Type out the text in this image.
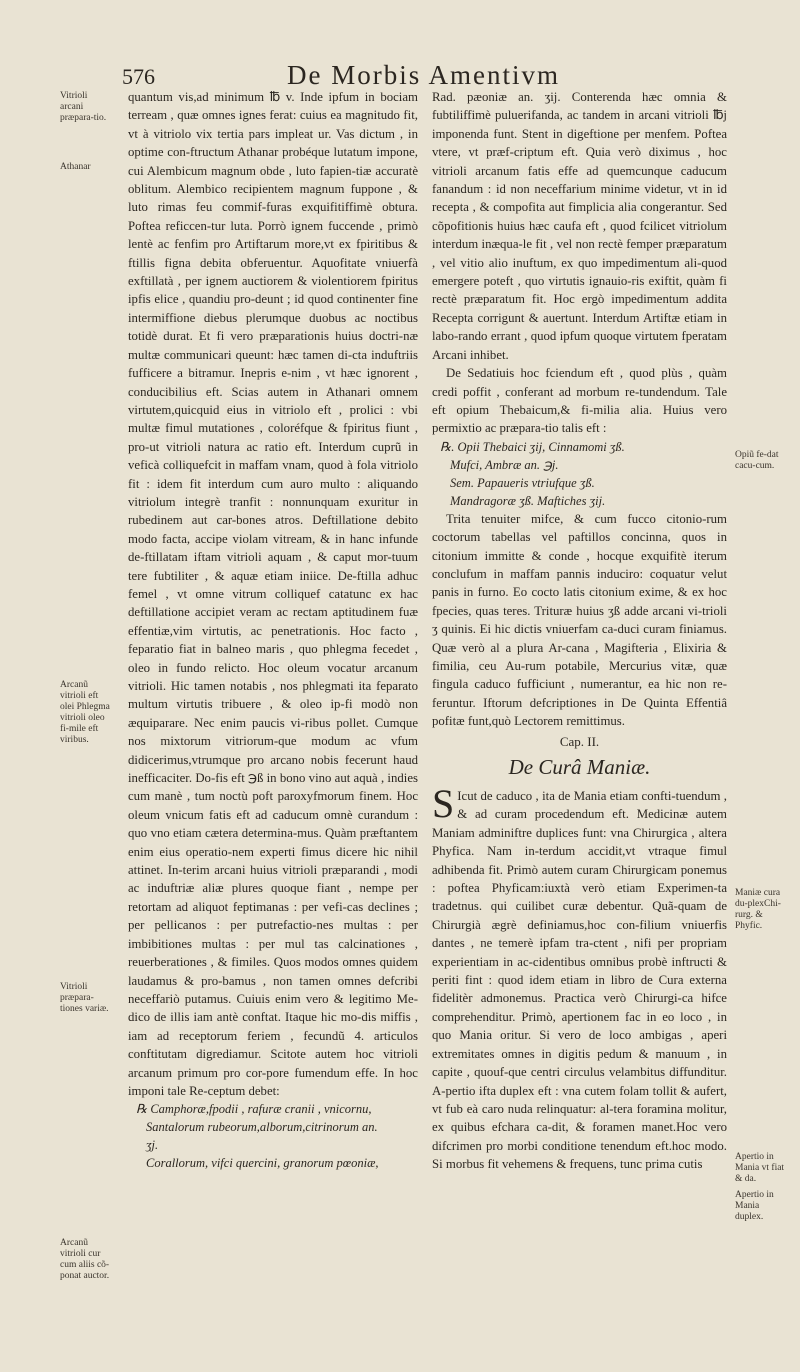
576	De Morbis Amentivm
Vitrioli arcani præpara-tio.
Athanar
Arcanũ vitrioli eft olei Phlegma vitrioli oleo fi-mile eft viribus.
Vitrioli præpara-tiones variæ.
Arcanũ vitrioli cur cum aliis cõ-ponat auctor.
Opiũ fe-dat cacu-cum.
Maniæ cura du-plexChi-rurg. & Phyfic.
Apertio in Mania vt fiat & da.
Apertio in Mania duplex.

quantum vis,ad minimum ℔ v. Inde ipfum in bociam terream , quæ omnes ignes ferat: cuius ea magnitudo fit, vt à vitriolo vix tertia pars impleat ur. Vas dictum , in optime con-ftructum Athanar probéque lutatum impone, cui Alembicum magnum obde , luto fapien-tiæ accuratè oblitum. Alembico recipientem magnum fuppone , & luto rimas feu commif-furas exquifitiffimè obtura. Poftea reficcen-tur luta. Porrò ignem fuccende , primò lentè ac fenfim pro Artiftarum more,vt ex fpiritibus & ftillis figna debita obferuentur. Aquofitate vniuerfà exftillatà , per ignem auctiorem & violentiorem fpiritus ipfis elice , quandiu pro-deunt ; id quod continenter fine intermiffione diebus plerumque duobus ac noctibus totidè durat. Et fi vero præparationis huius doctri-næ multæ communicari queunt: hæc tamen di-cta induftriis fufficere a bitramur. Inepris e-nim , vt hæc ignorent , conducibilius eft. Scias autem in Athanari omnem virtutem,quicquid eius in vitriolo eft , prolici : vbi multæ fimul mutationes , coloréfque & fpiritus fiunt , pro-ut vitrioli natura ac ratio eft. Interdum cuprũ in veficà colliquefcit in maffam vnam, quod à fola vitriolo fit : idem fit interdum cum auro multo : aliquando vitriolum integrè tranfit : nonnunquam exuritur in rubedinem aut car-bones atros. Deftillatione debito modo facta, accipe violam vitream, & in hanc infunde de-ftillatam iftam vitrioli aquam , & caput mor-tuum tere fubtiliter , & aquæ etiam iniice. De-ftilla adhuc femel , vt omne vitrum colliquef catatunc ex hac deftillatione accipiet veram ac rectam aptitudinem fuæ effentiæ,vim virtutis, ac penetrationis. Hoc facto , feparatio fiat in balneo maris , quo phlegma fecedet , oleo in fundo relicto. Hoc oleum vocatur arcanum vitrioli. Hic tamen notabis , nos phlegmati ita feparato multum virtutis tribuere , & oleo ip-fi modò non æquiparare. Nec enim paucis vi-ribus pollet. Cumque nos mixtorum vitriorum-que modum ac vfum didicerimus,vtrumque pro arcano nobis fecerunt haud inefficaciter. Do-fis eft ℈ß in bono vino aut aquà , indies cum manè , tum noctù poft paroxyfmorum finem. Hoc oleum vnicum fatis eft ad caducum omnè curandum : quo vno etiam cætera determina-mus. Quàm præftantem enim eius operatio-nem experti fimus dicere hic nihil attinet. In-terim arcani huius vitrioli præparandi , modi ac induftriæ aliæ plures quoque fiant , nempe per retortam ad aliquot feptimanas : per vefi-cas declines ; per pellicanos : per putrefactio-nes multas : per imbibitiones multas : per mul tas calcinationes , reuerberationes , & fimiles. Quos modos omnes quidem laudamus & pro-bamus , non tamen omnes defcribi neceffariò putamus. Cuiuis enim vero & legitimo Me-dico de illis iam antè conftat. Itaque hic mo-dis miffis , iam ad receptorum feriem , fecundũ 4. articulos conftitutam digrediamur. Scitote autem hoc vitrioli arcanum primum pro cor-pore fumendum effe. In hoc imponi tale Re-ceptum debet:

℞ Camphoræ,fpodii , rafuræ cranii , vnicornu,

Santalorum rubeorum,alborum,citrinorum an.

ʒj.

Corallorum, vifci quercini, granorum pœoniæ,

Rad. pæoniæ an. ʒij. Conterenda hæc omnia & fubtiliffimè puluerifanda, ac tandem in arcani vitrioli ℔j imponenda funt. Stent in digeftione per menfem. Poftea vtere, vt præf-criptum eft. Quia verò diximus , hoc vitrioli arcanum fatis effe ad quemcunque caducum fanandum : id non neceffarium minime videtur, vt in id recepta , & compofita aut fimplicia alia congerantur. Sed cõpofitionis huius hæc caufa eft , quod fcilicet vitriolum interdum inæqua-le fit , vel non rectè femper præparatum , vel vitio alio inuftum, ex quo impedimentum ali-quod emergere poteft , quo virtutis ignauio-ris exiftit, quàm fi rectè præparatum fit. Hoc ergò impedimentum addita Recepta corrigunt & auertunt. Interdum Artiftæ etiam in labo-rando errant , quod ipfum quoque virtutem fperatam Arcani inhibet.

De Sedatiuis hoc fciendum eft , quod plùs , quàm credi poffit , conferant ad morbum re-tundendum. Tale eft opium Thebaicum,& fi-milia alia. Huius vero permixtio ac præpara-tio talis eft :

℞. Opii Thebaici ʒij, Cinnamomi ʒß.

Mufci, Ambræ an. ℈j.

Sem. Papaueris vtriufque ʒß.

Mandragoræ ʒß. Maftiches ʒij.

Trita tenuiter mifce, & cum fucco citonio-rum coctorum tabellas vel paftillos concinna, quos in citonium immitte & conde , hocque exquifitè iterum conclufum in maffam pannis induciro: coquatur velut panis in furno. Eo cocto latis citonium exime, & ex hoc fpecies, quas teres. Trituræ huius ʒß adde arcani vi-trioli ʒ quinis. Ei hic dictis vniuerfam ca-duci curam finiamus. Quæ verò al a plura Ar-cana , Magifteria , Elixiria & fimilia, ceu Au-rum potabile, Mercurius vitæ, quæ fingula caduco fufficiunt , numerantur, ea hic non re-feruntur. Iftorum defcriptiones in De Quinta Effentiâ pofitæ funt,quò Lectorem remittimus.

Cap. II.

De Curâ Maniæ.

S Icut de caduco , ita de Mania etiam confti-tuendum , & ad curam procedendum eft. Medicinæ autem Maniam adminiftre duplices funt: vna Chirurgica , altera Phyfica. Nam in-terdum accidit,vt vtraque fimul adhibenda fit. Primò autem curam Chirurgicam ponemus : poftea Phyficam:iuxtà verò etiam Experimen-ta tradetnus. qui cuilibet curæ debentur. Quã-quam de Chirurgià ægrè definiamus,hoc con-filium vniuerfis dantes , ne temerè ipfam tra-ctent , nifi per propriam experientiam in ac-cidentibus omnibus probè inftructi & periti fint : quod idem etiam in libro de Cura externa fidelitèr admonemus. Practica verò Chirurgi-ca hifce comprehenditur. Primò, apertionem fac in eo loco , in quo Mania oritur. Si vero de loco ambigas , aperi extremitates omnes in digitis pedum & manuum , in capite , quouf-que centri circulus velambitus diffunditur. A-pertio ifta duplex eft : vna cutem folam tollit & aufert, vt fub eà caro nuda relinquatur: al-tera foramina molitur, ex quibus efchara ca-dit, & foramen manet.Hoc vero difcrimen pro morbi conditione tenendum eft.hoc modo. Si morbus fit vehemens & frequens, tunc prima cutis
